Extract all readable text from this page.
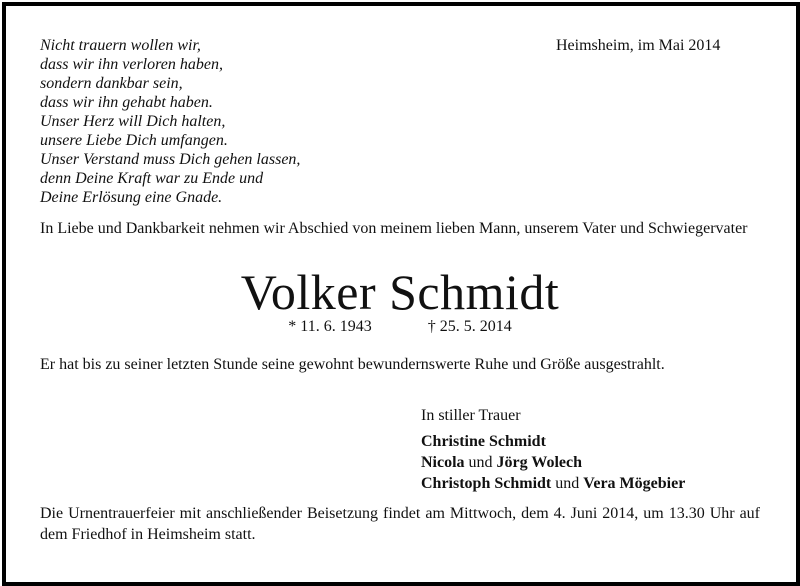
Nicht trauern wollen wir,
dass wir ihn verloren haben,
sondern dankbar sein,
dass wir ihn gehabt haben.
Unser Herz will Dich halten,
unsere Liebe Dich umfangen.
Unser Verstand muss Dich gehen lassen,
denn Deine Kraft war zu Ende und
Deine Erlösung eine Gnade.
Heimsheim, im Mai 2014

In Liebe und Dankbarkeit nehmen wir Abschied von meinem lieben Mann, unserem Vater und Schwiegervater

Volker Schmidt
* 11. 6. 1943	† 25. 5. 2014

Er hat bis zu seiner letzten Stunde seine gewohnt bewundernswerte Ruhe und Größe ausgestrahlt.

In stiller Trauer
Christine Schmidt
Nicola und Jörg Wolech
Christoph Schmidt und Vera Mögebier

Die Urnentrauerfeier mit anschließender Beisetzung findet am Mittwoch, dem 4. Juni 2014, um 13.30 Uhr auf dem Friedhof in Heimsheim statt.
